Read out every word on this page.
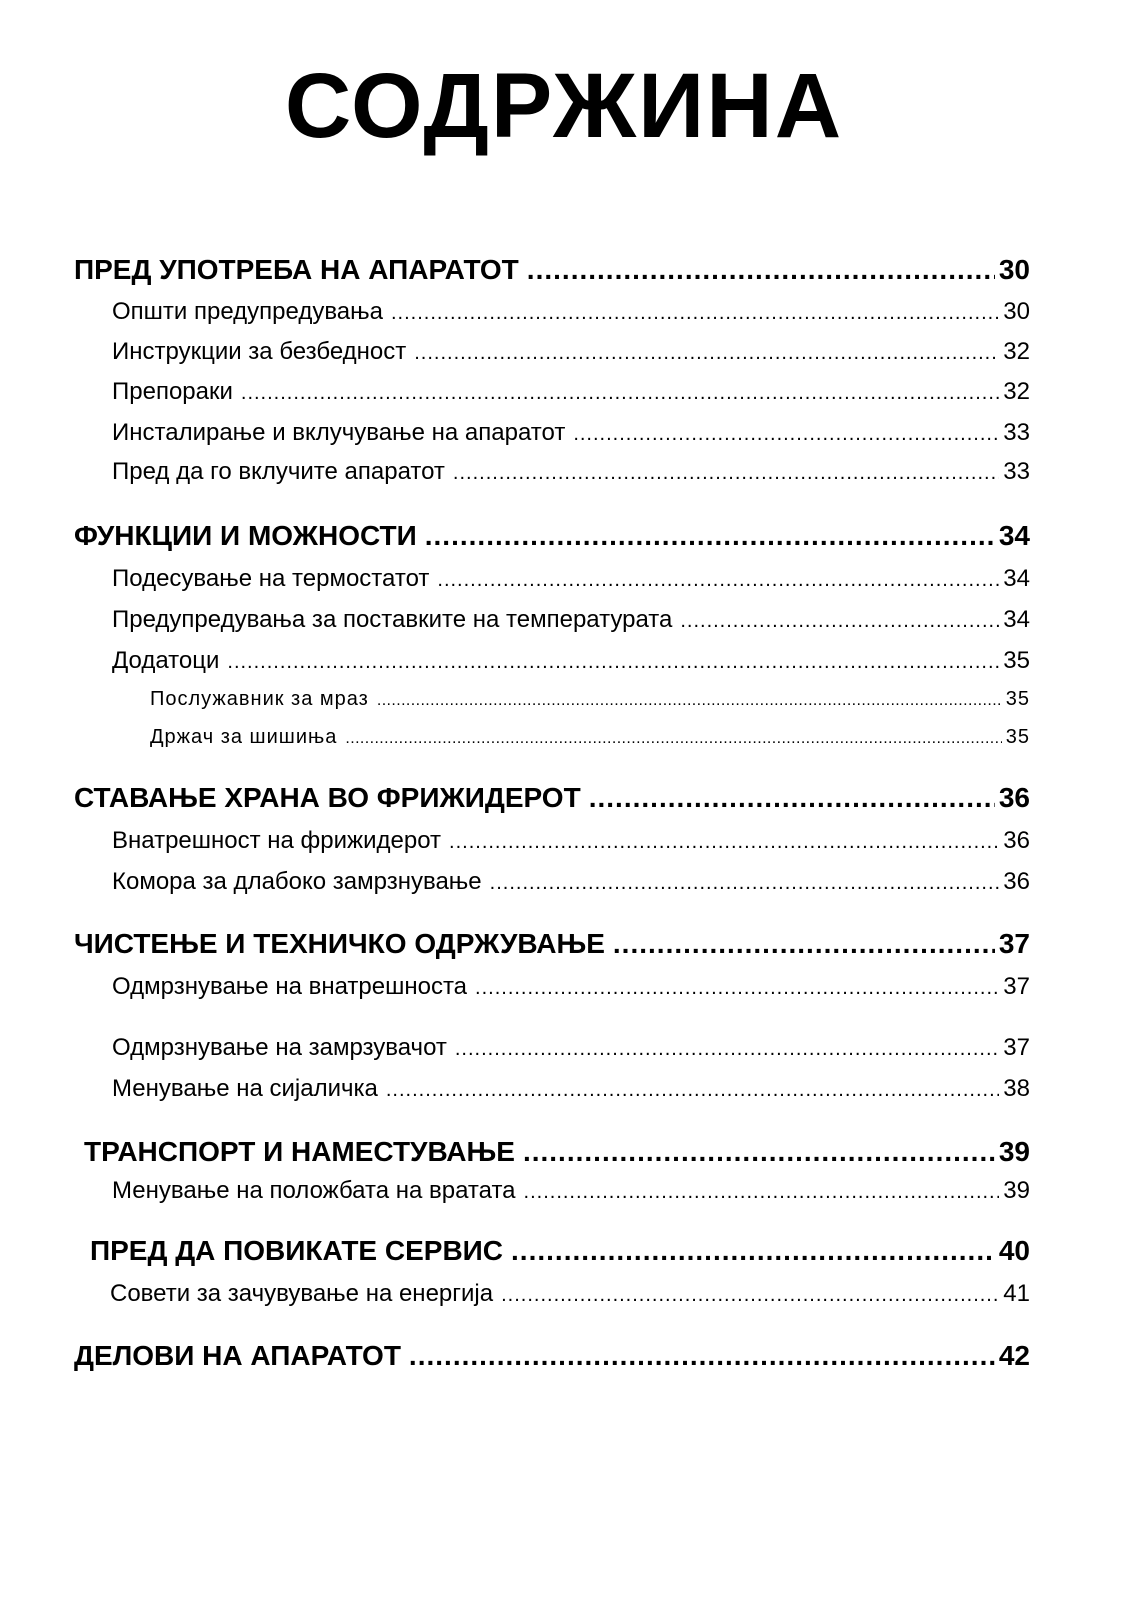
СОДРЖИНА
ПРЕД УПОТРЕБА НА АПАРАТОТ .....	30
Општи предупредувања .....	30
Инструкции за безбедност .....	32
Препораки .....	32
Инсталирање и вклучување на апаратот .....	33
Пред да го вклучите апаратот .....	33
ФУНКЦИИ И МОЖНОСТИ .....	34
Подесување на термостатот .....	34
Предупредувања за поставките на температурата .....	34
Додатоци .....	35
Послужавник за мраз .....	35
Држач за шишиња .....	35
СТАВАЊЕ ХРАНА ВО ФРИЖИДЕРОТ .....	36
Внатрешност на фрижидерот .....	36
Комора за длабоко замрзнување .....	36
ЧИСТЕЊЕ И ТЕХНИЧКО ОДРЖУВАЊЕ .....	37
Одмрзнување на внатрешноста .....	37
Одмрзнување на замрзувачот .....	37
Менување на сијаличка .....	38
ТРАНСПОРТ И НАМЕСТУВАЊЕ .....	39
Менување на положбата на вратата .....	39
ПРЕД ДА ПОВИКАТЕ СЕРВИС .....	40
Совети за зачувување на енергија .....	41
ДЕЛОВИ НА АПАРАТОТ .....	42
